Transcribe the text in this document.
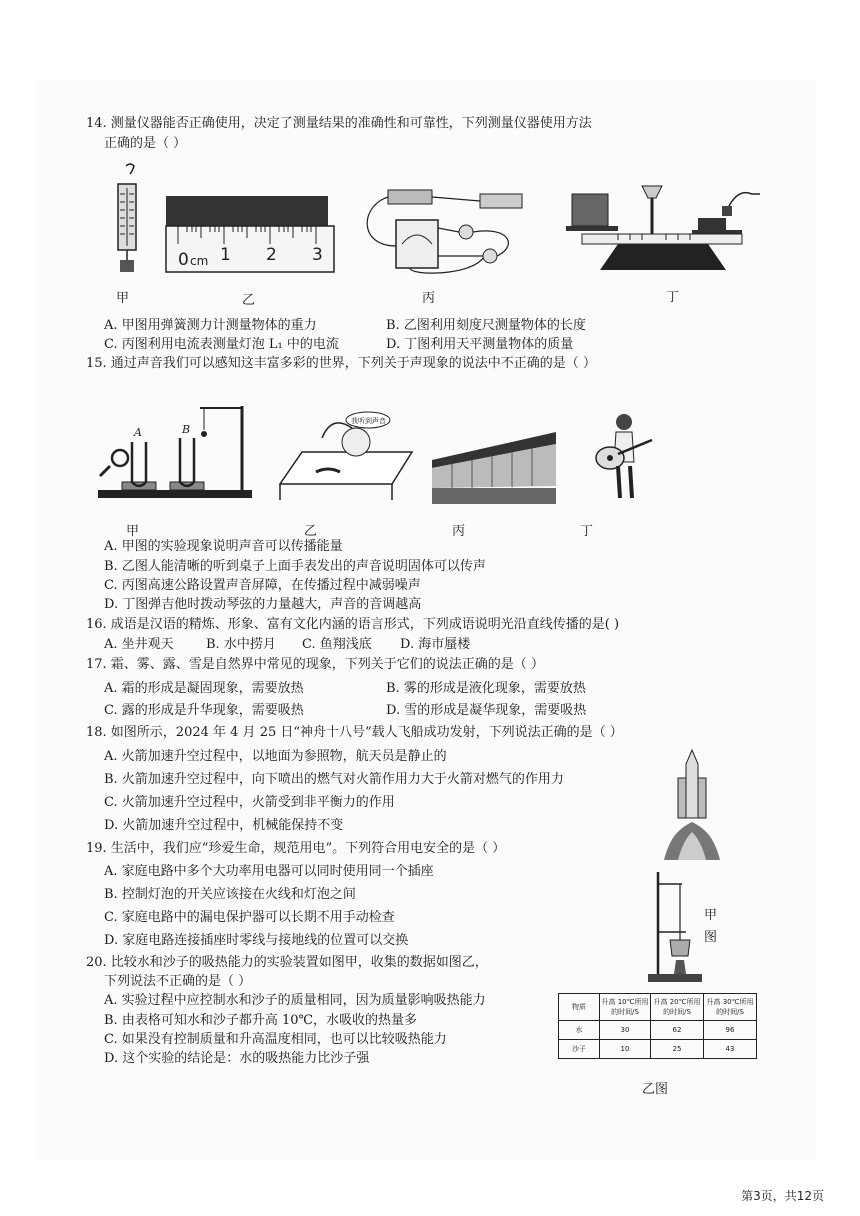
14. 测量仪器能否正确使用，决定了测量结果的准确性和可靠性，下列测量仪器使用方法
正确的是（ ）
甲
0 cm 1 2 3
乙	丙	丁
A. 甲图用弹簧测力计测量物体的重力	B. 乙图利用刻度尺测量物体的长度
C. 丙图利用电流表测量灯泡 L₁ 中的电流	D. 丁图利用天平测量物体的质量
15. 通过声音我们可以感知这丰富多彩的世界，下列关于声现象的说法中不正确的是（ ）
A	B
甲
我听到声音
乙	丙	丁
A. 甲图的实验现象说明声音可以传播能量
B. 乙图人能清晰的听到桌子上面手表发出的声音说明固体可以传声
C. 丙图高速公路设置声音屏障，在传播过程中减弱噪声
D. 丁图弹吉他时拨动琴弦的力量越大，声音的音调越高
16. 成语是汉语的精炼、形象、富有文化内涵的语言形式，下列成语说明光沿直线传播的是( )
A. 坐井观天 B. 水中捞月 C. 鱼翔浅底 D. 海市蜃楼
17. 霜、雾、露、雪是自然界中常见的现象，下列关于它们的说法正确的是（ ）
A. 霜的形成是凝固现象，需要放热	B. 雾的形成是液化现象，需要放热
C. 露的形成是升华现象，需要吸热	D. 雪的形成是凝华现象，需要吸热
18. 如图所示，2024 年 4 月 25 日“神舟十八号”载人飞船成功发射，下列说法正确的是（ ）
A. 火箭加速升空过程中，以地面为参照物，航天员是静止的
B. 火箭加速升空过程中，向下喷出的燃气对火箭作用力大于火箭对燃气的作用力
C. 火箭加速升空过程中，火箭受到非平衡力的作用
D. 火箭加速升空过程中，机械能保持不变
19. 生活中，我们应“珍爱生命，规范用电”。下列符合用电安全的是（ ）
A. 家庭电路中多个大功率用电器可以同时使用同一个插座
B. 控制灯泡的开关应该接在火线和灯泡之间
C. 家庭电路中的漏电保护器可以长期不用手动检查
D. 家庭电路连接插座时零线与接地线的位置可以交换
甲
图
20. 比较水和沙子的吸热能力的实验装置如图甲，收集的数据如图乙，
下列说法不正确的是（ ）
A. 实验过程中应控制水和沙子的质量相同，因为质量影响吸热能力
B. 由表格可知水和沙子都升高 10℃，水吸收的热量多
C. 如果没有控制质量和升高温度相同，也可以比较吸热能力
D. 这个实验的结论是：水的吸热能力比沙子强
物质	升高 10℃所用的时间/S	升高 20℃所用的时间/S	升高 30℃所用的时间/S
水	30	62	96
沙子	10	25	43
乙图
第3页，共12页
